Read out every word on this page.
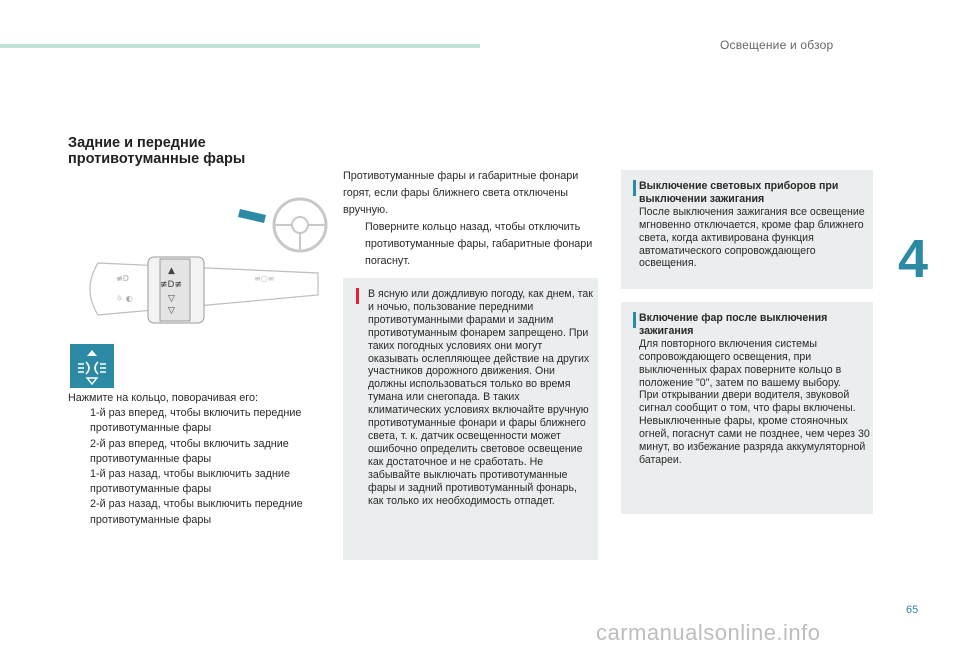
Освещение и обзор
4
Задние и передние
противотуманные фары
▲
≢D≢
▽
▽
≢D
☼ ◐
≡○≡
Нажмите на кольцо, поворачивая его:
1-й раз вперед, чтобы включить передние противотуманные фары
2-й раз вперед, чтобы включить задние противотуманные фары
1-й раз назад, чтобы выключить задние противотуманные фары
2-й раз назад, чтобы выключить передние противотуманные фары
Противотуманные фары и габаритные фонари горят, если фары ближнего света отключены вручную.
Поверните кольцо назад, чтобы отключить противотуманные фары, габаритные фонари погаснут.
В ясную или дождливую погоду, как днем, так и ночью, пользование передними противотуманными фарами и задним противотуманным фонарем запрещено. При таких погодных условиях они могут оказывать ослепляющее действие на других участников дорожного движения. Они должны использоваться только во время тумана или снегопада. В таких климатических условиях включайте вручную противотуманные фонари и фары ближнего света, т. к. датчик освещенности может ошибочно определить световое освещение как достаточное и не сработать. Не забывайте выключать противотуманные фары и задний противотуманный фонарь, как только их необходимость отпадет.
Выключение световых приборов при выключении зажигания
После выключения зажигания все освещение мгновенно отключается, кроме фар ближнего света, когда активирована функция автоматического сопровождающего освещения.
Включение фар после выключения зажигания
Для повторного включения системы сопровождающего освещения, при выключенных фарах поверните кольцо в положение "0", затем по вашему выбору.
При открывании двери водителя, звуковой сигнал сообщит о том, что фары включены.
Невыключенные фары, кроме стояночных огней, погаснут сами не позднее, чем через 30 минут, во избежание разряда аккумуляторной батареи.
65
carmanualsonline.info
